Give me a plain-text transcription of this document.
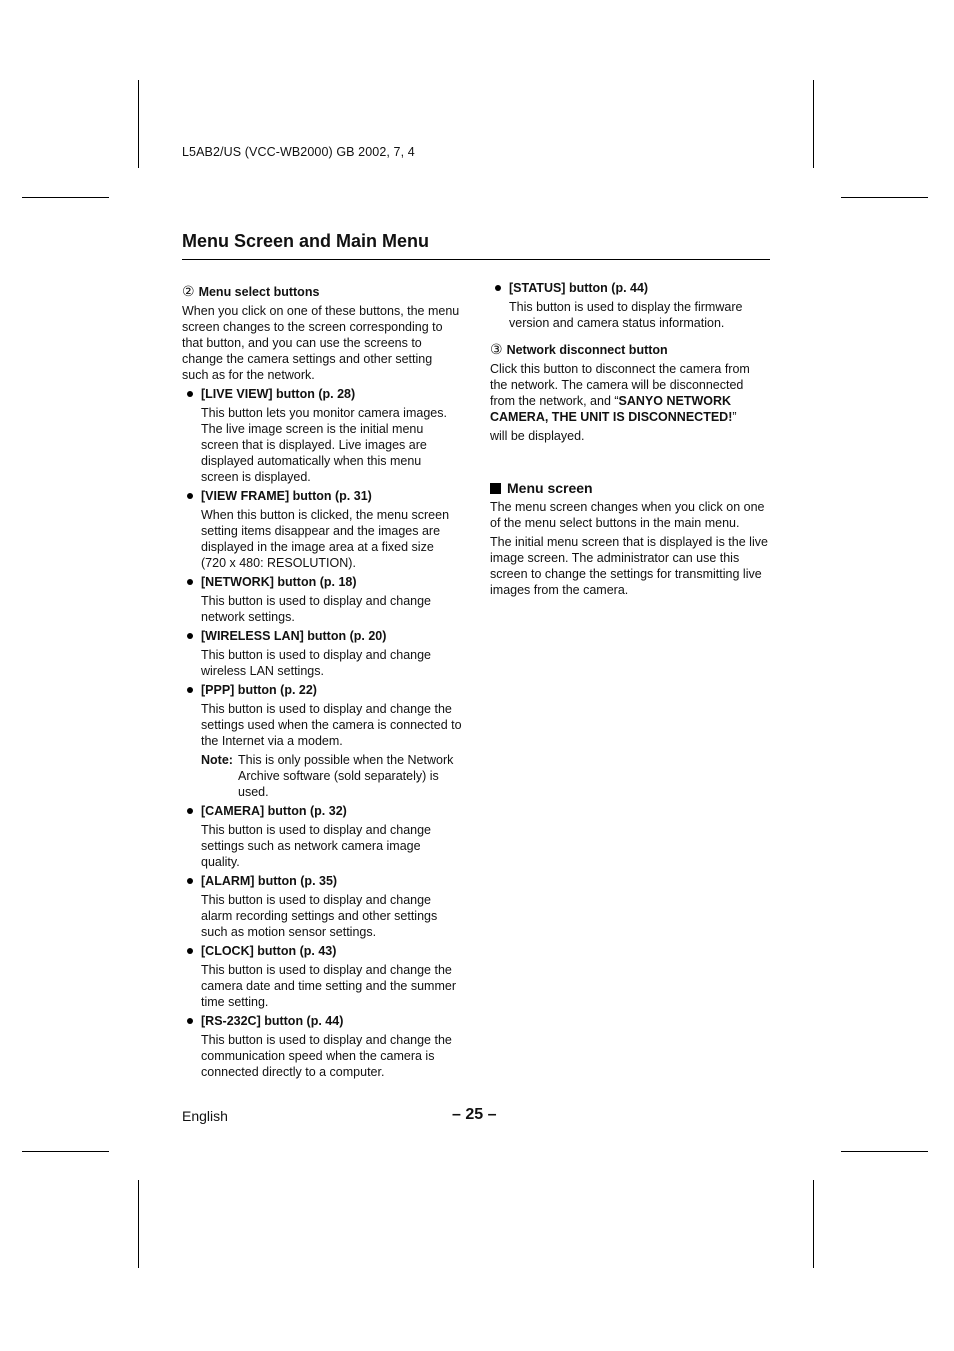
L5AB2/US (VCC-WB2000) GB 2002, 7, 4
Menu Screen and Main Menu
② Menu select buttons

When you click on one of these buttons, the menu screen changes to the screen corresponding to that button, and you can use the screens to change the camera settings and other setting such as for the network.

[LIVE VIEW] button (p. 28)
This button lets you monitor camera images. The live image screen is the initial menu screen that is displayed. Live images are displayed automatically when this menu screen is displayed.
[VIEW FRAME] button (p. 31)
When this button is clicked, the menu screen setting items disappear and the images are displayed in the image area at a fixed size (720 x 480: RESOLUTION).
[NETWORK] button (p. 18)
This button is used to display and change network settings.
[WIRELESS LAN] button (p. 20)
This button is used to display and change wireless LAN settings.
[PPP] button (p. 22)
This button is used to display and change the settings used when the camera is connected to the Internet via a modem.
Note: This is only possible when the Network Archive software (sold separately) is used.
[CAMERA] button (p. 32)
This button is used to display and change settings such as network camera image quality.
[ALARM] button (p. 35)
This button is used to display and change alarm recording settings and other settings such as motion sensor settings.
[CLOCK] button (p. 43)
This button is used to display and change the camera date and time setting and the summer time setting.
[RS-232C] button (p. 44)
This button is used to display and change the communication speed when the camera is connected directly to a computer.
[STATUS] button (p. 44)
This button is used to display the firmware version and camera status information.
③ Network disconnect button

Click this button to disconnect the camera from the network. The camera will be disconnected from the network, and “SANYO NETWORK CAMERA, THE UNIT IS DISCONNECTED!”

will be displayed.

Menu screen

The menu screen changes when you click on one of the menu select buttons in the main menu.

The initial menu screen that is displayed is the live image screen. The administrator can use this screen to change the settings for transmitting live images from the camera.

English	– 25 –
